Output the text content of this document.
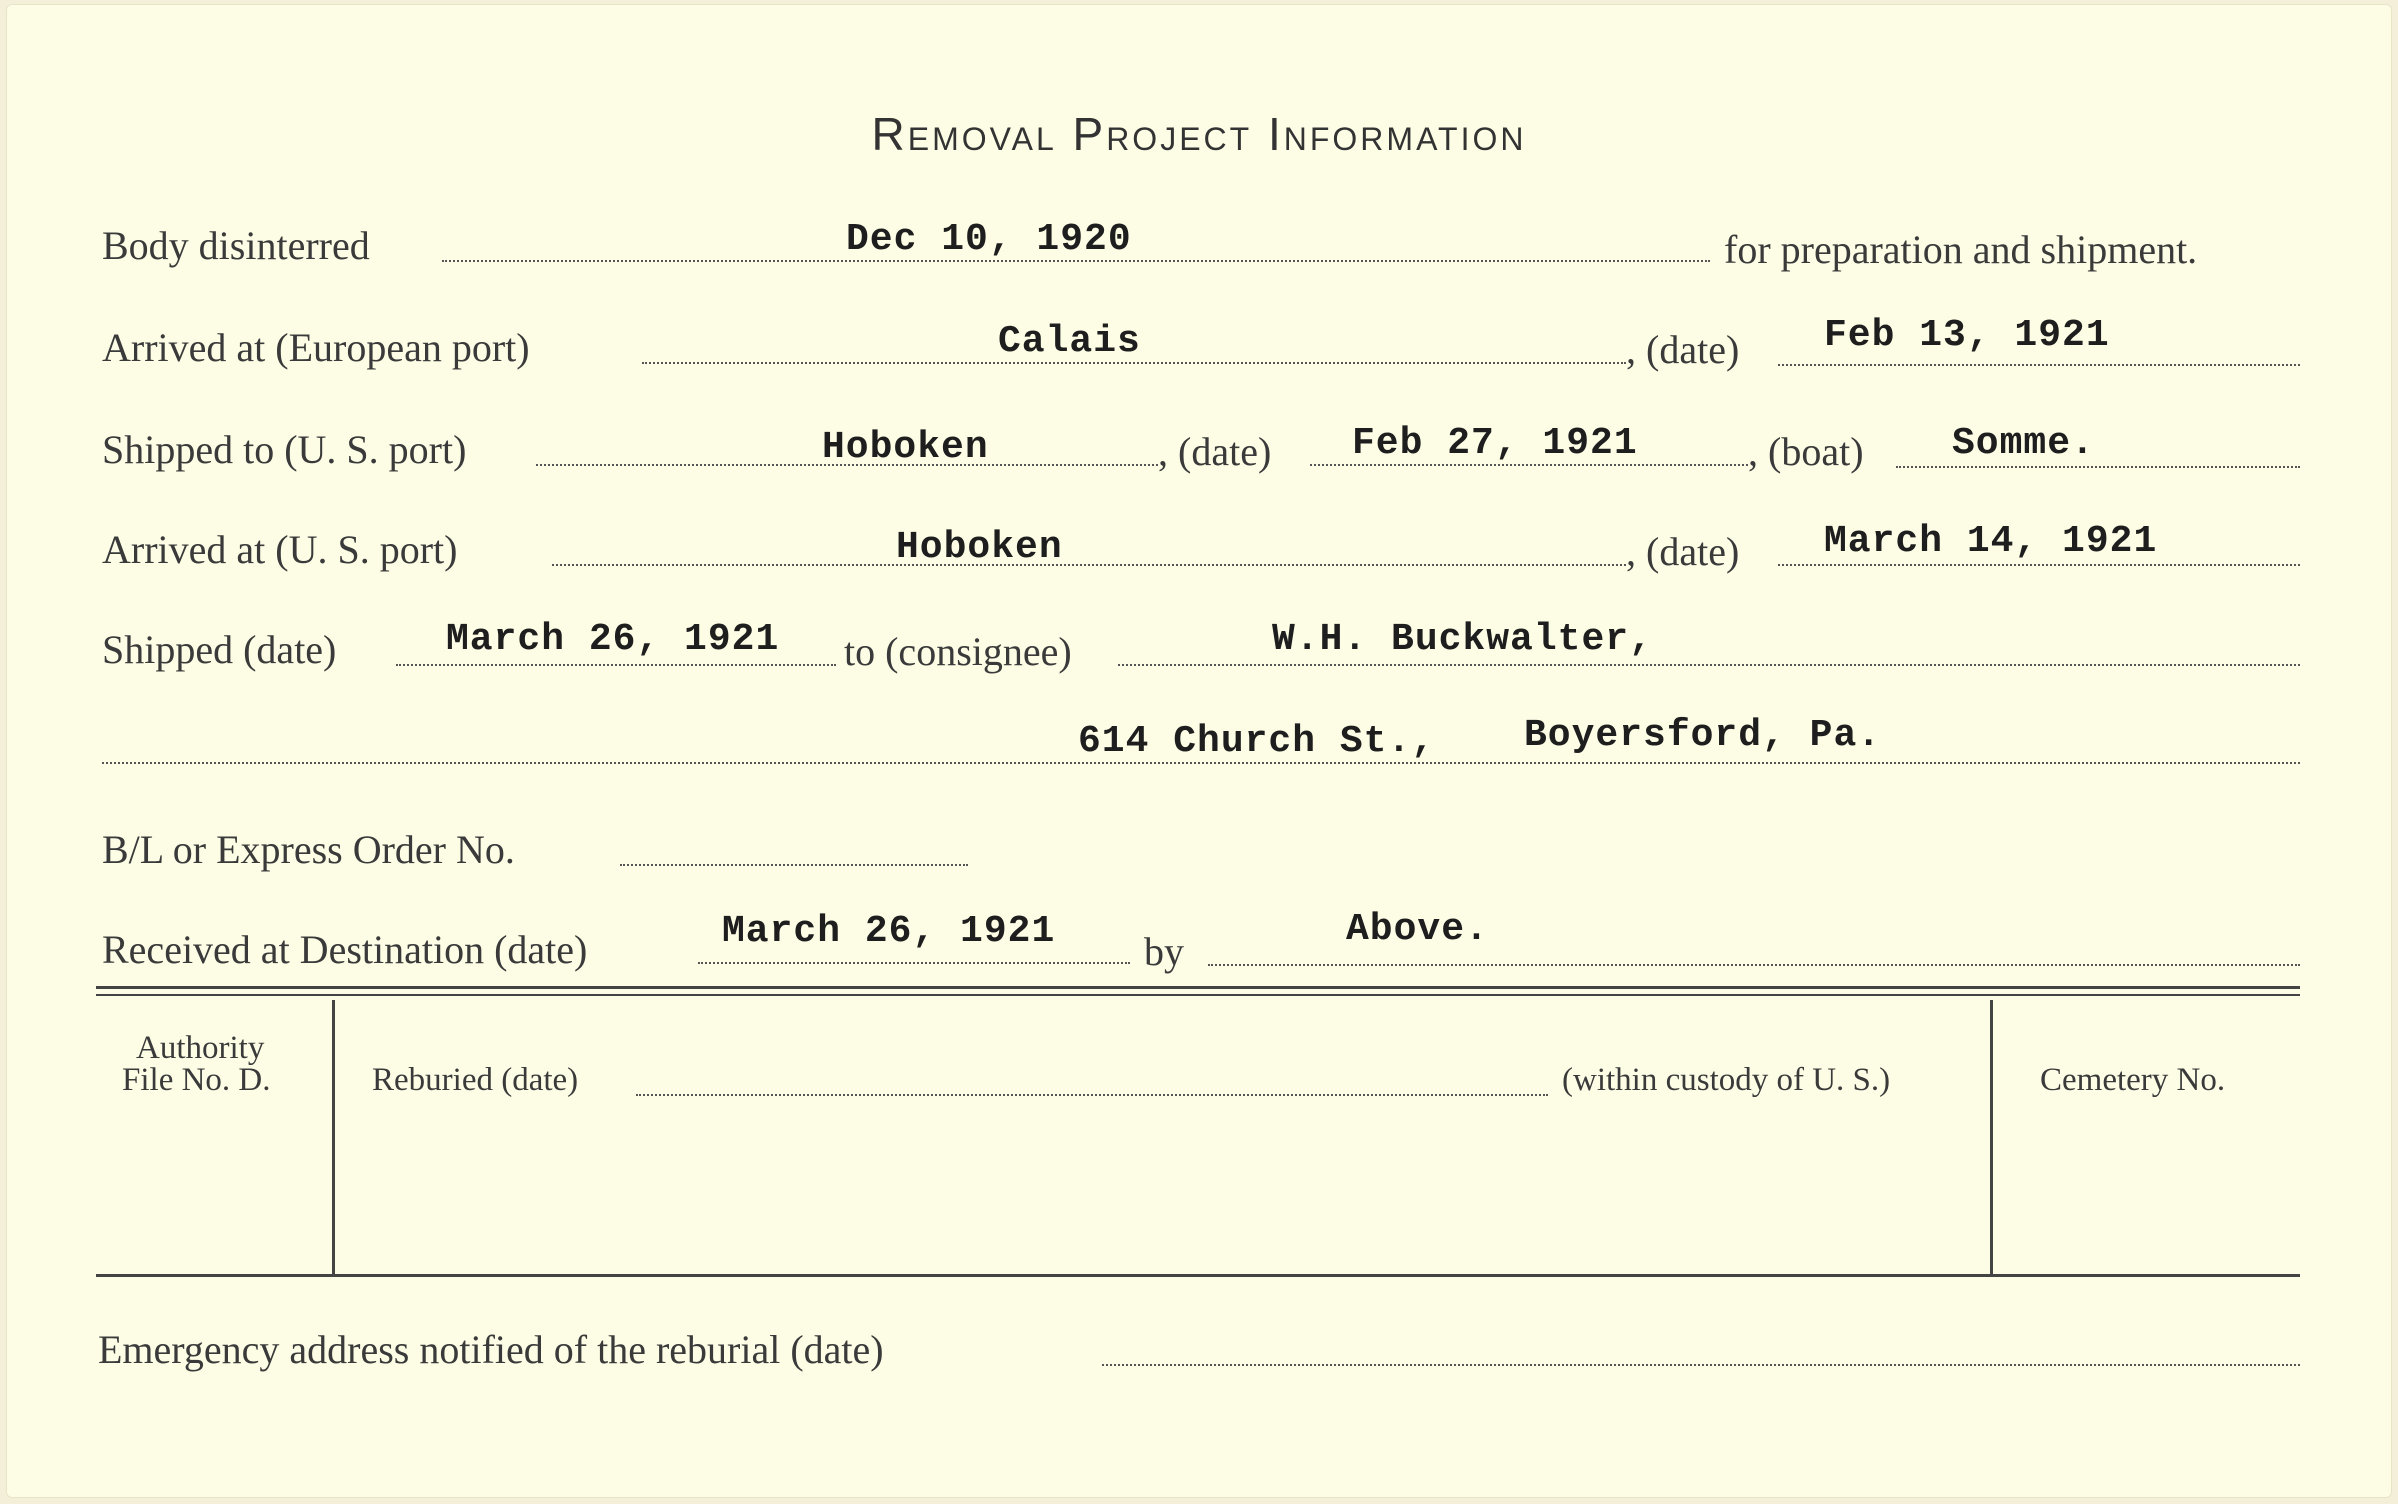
Removal Project Information
Body disinterred	Dec 10, 1920	for preparation and shipment.
Arrived at (European port)	Calais	, (date) Feb 13, 1921
Shipped to (U. S. port)	Hoboken	, (date) Feb 27, 1921	, (boat) Somme.
Arrived at (U. S. port)	Hoboken	, (date) March 14, 1921
Shipped (date)	March 26, 1921 to (consignee)	W.H. Buckwalter,
614 Church St., Boyersford, Pa.
B/L or Express Order No.
Received at Destination (date)	March 26, 1921 by	Above.
Authority
File No. D.	Reburied (date)	(within custody of U. S.)	Cemetery No.
Emergency address notified of the reburial (date)
